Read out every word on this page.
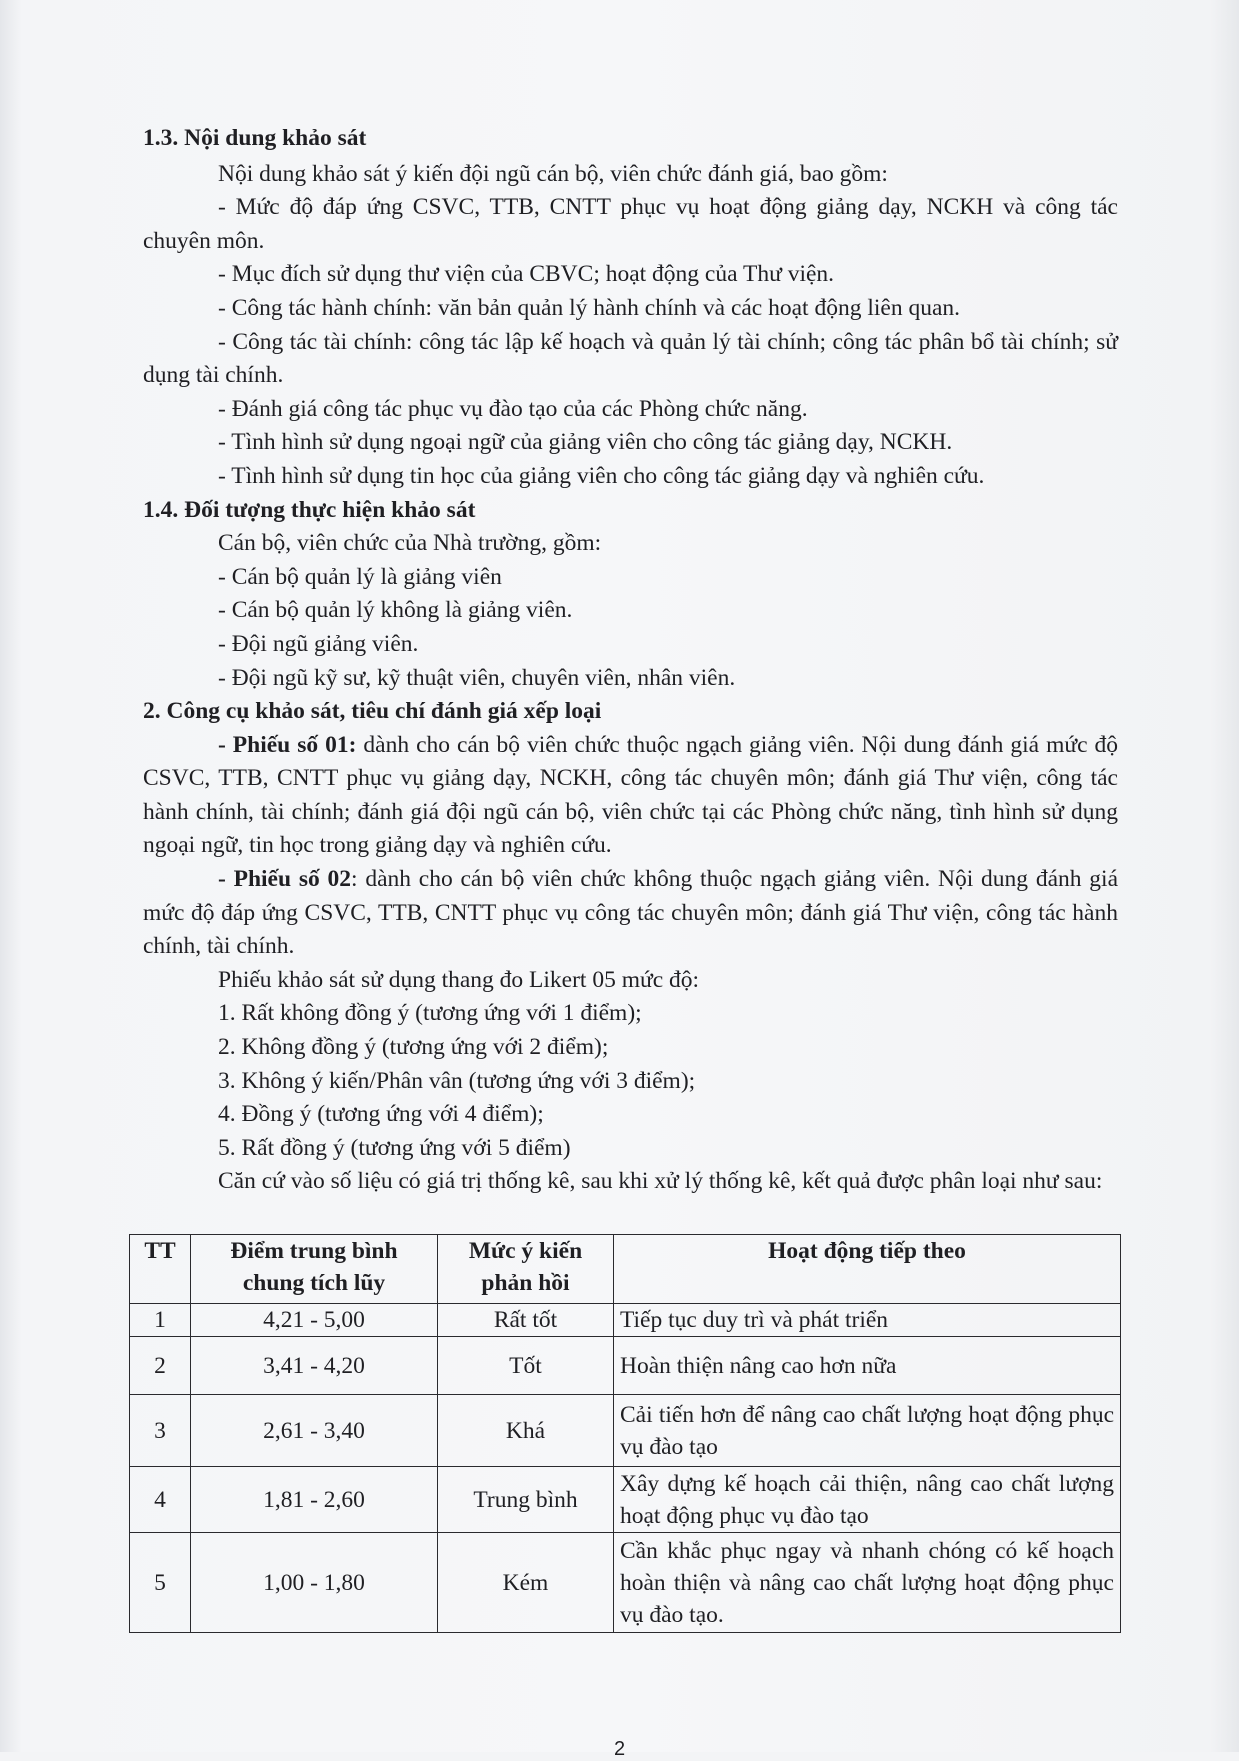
1.3. Nội dung khảo sát

Nội dung khảo sát ý kiến đội ngũ cán bộ, viên chức đánh giá, bao gồm:

- Mức độ đáp ứng CSVC, TTB, CNTT phục vụ hoạt động giảng dạy, NCKH và công tác chuyên môn.

- Mục đích sử dụng thư viện của CBVC; hoạt động của Thư viện.

- Công tác hành chính: văn bản quản lý hành chính và các hoạt động liên quan.

- Công tác tài chính: công tác lập kế hoạch và quản lý tài chính; công tác phân bổ tài chính; sử dụng tài chính.

- Đánh giá công tác phục vụ đào tạo của các Phòng chức năng.

- Tình hình sử dụng ngoại ngữ của giảng viên cho công tác giảng dạy, NCKH.

- Tình hình sử dụng tin học của giảng viên cho công tác giảng dạy và nghiên cứu.

1.4. Đối tượng thực hiện khảo sát

Cán bộ, viên chức của Nhà trường, gồm:

- Cán bộ quản lý là giảng viên

- Cán bộ quản lý không là giảng viên.

- Đội ngũ giảng viên.

- Đội ngũ kỹ sư, kỹ thuật viên, chuyên viên, nhân viên.

2. Công cụ khảo sát, tiêu chí đánh giá xếp loại

- Phiếu số 01: dành cho cán bộ viên chức thuộc ngạch giảng viên. Nội dung đánh giá mức độ CSVC, TTB, CNTT phục vụ giảng dạy, NCKH, công tác chuyên môn; đánh giá Thư viện, công tác hành chính, tài chính; đánh giá đội ngũ cán bộ, viên chức tại các Phòng chức năng, tình hình sử dụng ngoại ngữ, tin học trong giảng dạy và nghiên cứu.

- Phiếu số 02: dành cho cán bộ viên chức không thuộc ngạch giảng viên. Nội dung đánh giá mức độ đáp ứng CSVC, TTB, CNTT phục vụ công tác chuyên môn; đánh giá Thư viện, công tác hành chính, tài chính.

Phiếu khảo sát sử dụng thang đo Likert 05 mức độ:

1. Rất không đồng ý (tương ứng với 1 điểm);

2. Không đồng ý (tương ứng với 2 điểm);

3. Không ý kiến/Phân vân (tương ứng với 3 điểm);

4. Đồng ý (tương ứng với 4 điểm);

5. Rất đồng ý (tương ứng với 5 điểm)

Căn cứ vào số liệu có giá trị thống kê, sau khi xử lý thống kê, kết quả được phân loại như sau:

TT	Điểm trung bình chung tích lũy	Mức ý kiến phản hồi	Hoạt động tiếp theo
1	4,21 - 5,00	Rất tốt	Tiếp tục duy trì và phát triển
2	3,41 - 4,20	Tốt	Hoàn thiện nâng cao hơn nữa
3	2,61 - 3,40	Khá	Cải tiến hơn để nâng cao chất lượng hoạt động phục vụ đào tạo
4	1,81 - 2,60	Trung bình	Xây dựng kế hoạch cải thiện, nâng cao chất lượng hoạt động phục vụ đào tạo
5	1,00 - 1,80	Kém	Cần khắc phục ngay và nhanh chóng có kế hoạch hoàn thiện và nâng cao chất lượng hoạt động phục vụ đào tạo.
2
